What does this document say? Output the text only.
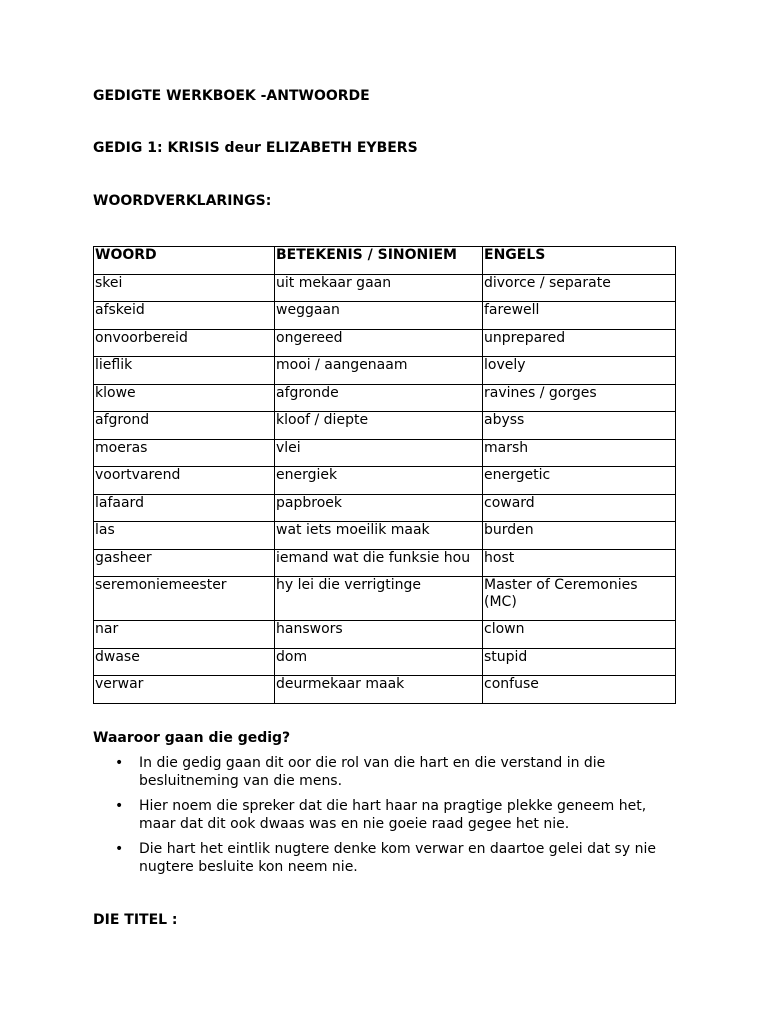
GEDIGTE WERKBOEK -ANTWOORDE
GEDIG 1: KRISIS deur ELIZABETH EYBERS
WOORDVERKLARINGS:
WOORD	BETEKENIS / SINONIEM	ENGELS
skei	uit mekaar gaan	divorce / separate
afskeid	weggaan	farewell
onvoorbereid	ongereed	unprepared
lieflik	mooi / aangenaam	lovely
klowe	afgronde	ravines / gorges
afgrond	kloof / diepte	abyss
moeras	vlei	marsh
voortvarend	energiek	energetic
lafaard	papbroek	coward
las	wat iets moeilik maak	burden
gasheer	iemand wat die funksie hou	host
seremoniemeester	hy lei die verrigtinge	Master of Ceremonies (MC)
nar	hanswors	clown
dwase	dom	stupid
verwar	deurmekaar maak	confuse
Waaroor gaan die gedig?
• In die gedig gaan dit oor die rol van die hart en die verstand in die besluitneming van die mens.
• Hier noem die spreker dat die hart haar na pragtige plekke geneem het, maar dat dit ook dwaas was en nie goeie raad gegee het nie.
• Die hart het eintlik nugtere denke kom verwar en daartoe gelei dat sy nie nugtere besluite kon neem nie.
DIE TITEL :
